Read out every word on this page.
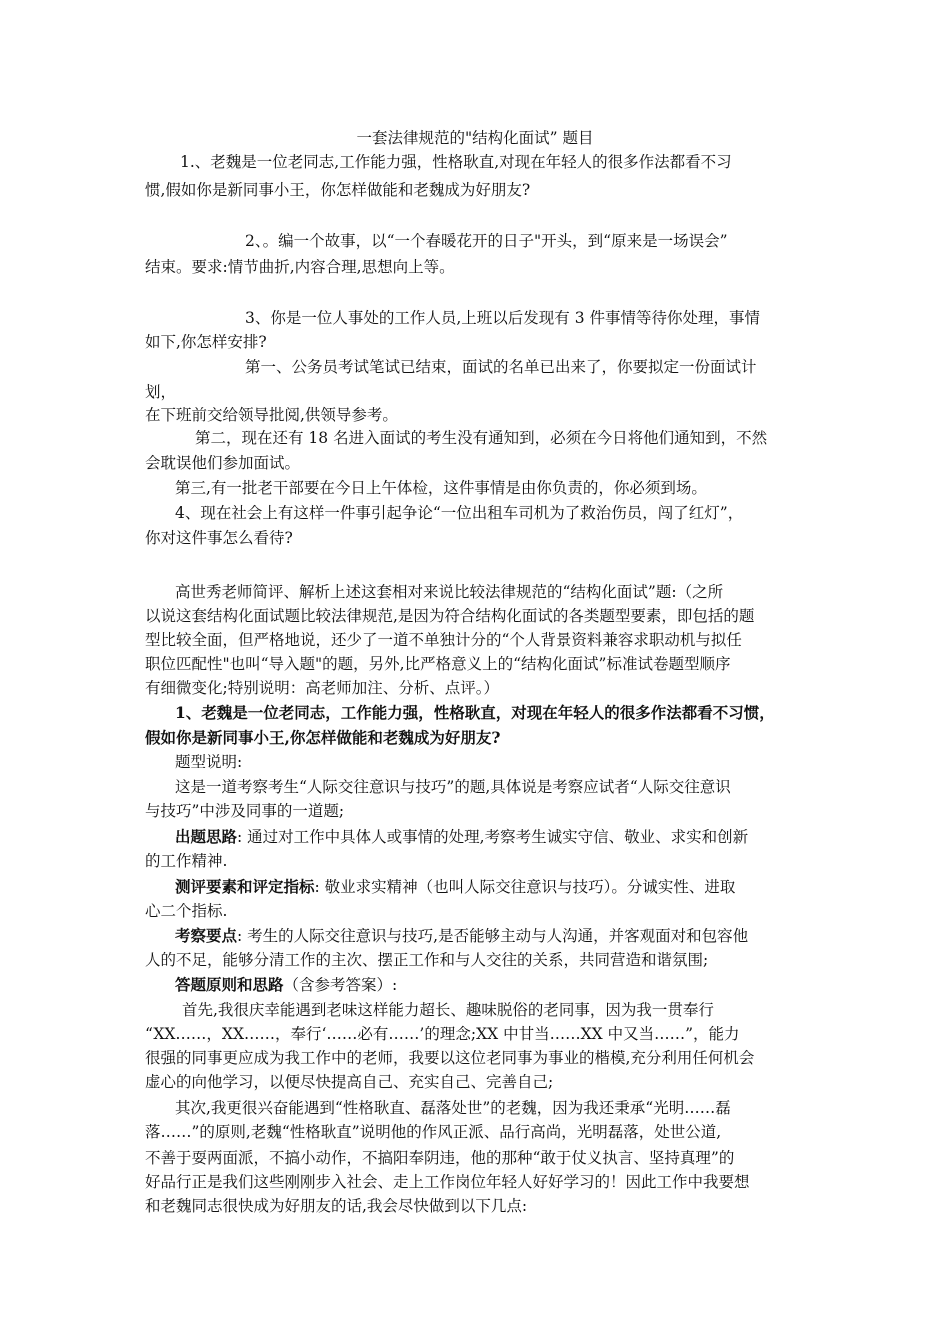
一套法律规范的"结构化面试” 题目
1.、老魏是一位老同志,工作能力强，性格耿直,对现在年轻人的很多作法都看不习
惯,假如你是新同事小王，你怎样做能和老魏成为好朋友?
2、。编一个故事，以“一个春暖花开的日子"开头，到“原来是一场误会”
结束。要求:情节曲折,内容合理,思想向上等。
3、你是一位人事处的工作人员,上班以后发现有 3 件事情等待你处理，事情
如下,你怎样安排?
第一、公务员考试笔试已结束，面试的名单已出来了，你要拟定一份面试计
划，
在下班前交给领导批阅,供领导参考。
第二，现在还有 18 名进入面试的考生没有通知到，必须在今日将他们通知到，不然
会耽误他们参加面试。
第三,有一批老干部要在今日上午体检，这件事情是由你负责的，你必须到场。
4、现在社会上有这样一件事引起争论“一位出租车司机为了救治伤员，闯了红灯”，
你对这件事怎么看待?
高世秀老师简评、解析上述这套相对来说比较法律规范的“结构化面试”题:（之所
以说这套结构化面试题比较法律规范,是因为符合结构化面试的各类题型要素，即包括的题
型比较全面，但严格地说，还少了一道不单独计分的“个人背景资料兼容求职动机与拟任
职位匹配性"也叫“导入题"的题，另外,比严格意义上的“结构化面试”标准试卷题型顺序
有细微变化;特别说明：高老师加注、分析、点评。）
1、老魏是一位老同志，工作能力强，性格耿直，对现在年轻人的很多作法都看不习惯，
假如你是新同事小王,你怎样做能和老魏成为好朋友?
题型说明:
这是一道考察考生“人际交往意识与技巧”的题,具体说是考察应试者“人际交往意识
与技巧”中涉及同事的一道题;
出题思路: 通过对工作中具体人或事情的处理,考察考生诚实守信、敬业、求实和创新
的工作精神.
测评要素和评定指标: 敬业求实精神（也叫人际交往意识与技巧）。分诚实性、进取
心二个指标.
考察要点: 考生的人际交往意识与技巧,是否能够主动与人沟通，并客观面对和包容他
人的不足，能够分清工作的主次、摆正工作和与人交往的关系，共同营造和谐氛围;
答题原则和思路（含参考答案）:
首先,我很庆幸能遇到老味这样能力超长、趣味脱俗的老同事，因为我一贯奉行
“XX……，XX……，奉行‘……必有……’的理念;XX 中甘当……XX 中又当……”，能力
很强的同事更应成为我工作中的老师，我要以这位老同事为事业的楷模,充分利用任何机会
虚心的向他学习，以便尽快提高自己、充实自己、完善自己;
其次,我更很兴奋能遇到“性格耿直、磊落处世”的老魏，因为我还秉承“光明……磊
落……”的原则,老魏“性格耿直”说明他的作风正派、品行高尚，光明磊落，处世公道,
不善于耍两面派，不搞小动作，不搞阳奉阴违，他的那种“敢于仗义执言、坚持真理”的
好品行正是我们这些刚刚步入社会、走上工作岗位年轻人好好学习的！因此工作中我要想
和老魏同志很快成为好朋友的话,我会尽快做到以下几点:
